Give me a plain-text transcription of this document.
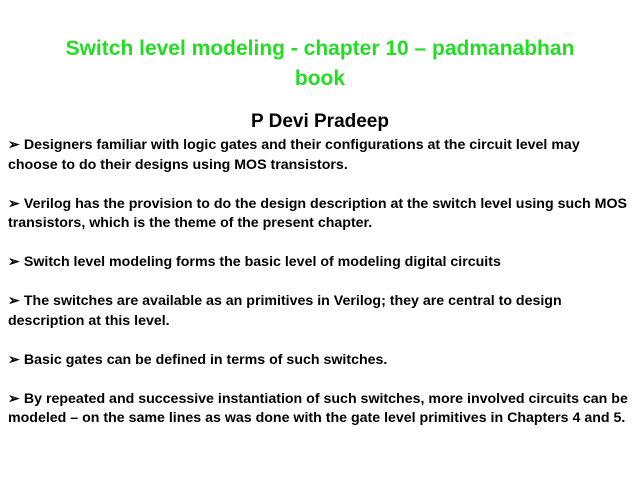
Switch level modeling - chapter 10 – padmanabhan book
P Devi Pradeep
➢ Designers familiar with logic gates and their configurations at the circuit level may choose to do their designs using MOS transistors.
➢ Verilog has the provision to do the design description at the switch level using such MOS transistors, which is the theme of the present chapter.
➢ Switch level modeling forms the basic level of modeling digital circuits
➢ The switches are available as an primitives in Verilog; they are central to design description at this level.
➢ Basic gates can be defined in terms of such switches.
➢ By repeated and successive instantiation of such switches, more involved circuits can be modeled – on the same lines as was done with the gate level primitives in Chapters 4 and 5.
